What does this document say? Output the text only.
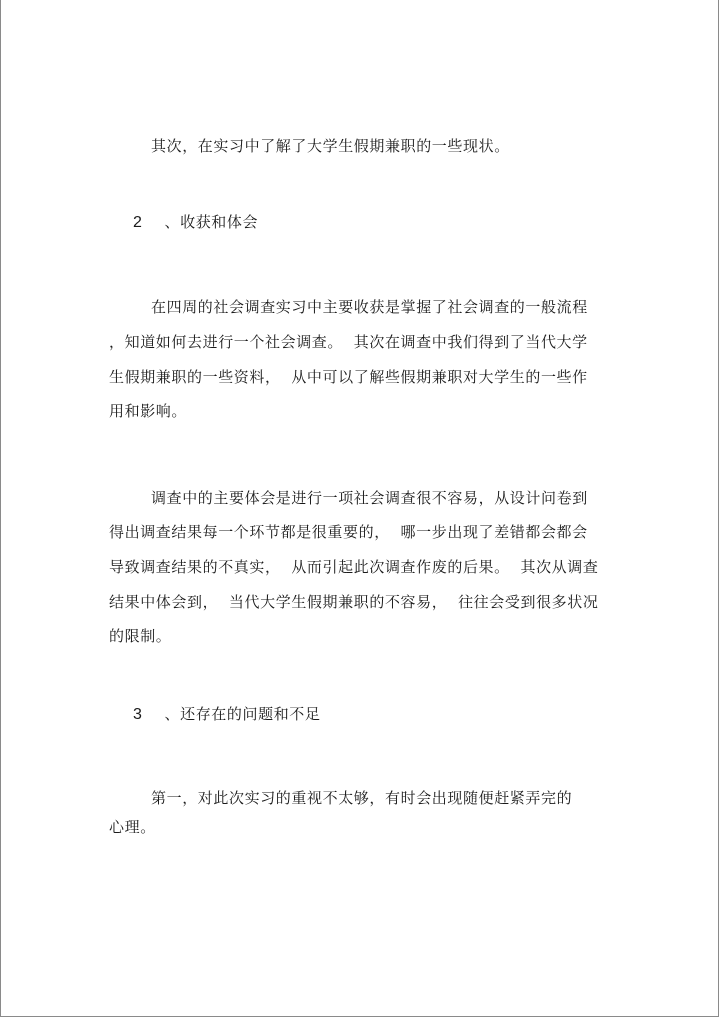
其次，在实习中了解了大学生假期兼职的一些现状。
2 、收获和体会
在四周的社会调查实习中主要收获是掌握了社会调查的一般流程
，知道如何去进行一个社会调查。  其次在调查中我们得到了当代大学
生假期兼职的一些资料，  从中可以了解些假期兼职对大学生的一些作
用和影响。
调查中的主要体会是进行一项社会调查很不容易，从设计问卷到
得出调查结果每一个环节都是很重要的，  哪一步出现了差错都会都会
导致调查结果的不真实，  从而引起此次调查作废的后果。  其次从调查
结果中体会到，  当代大学生假期兼职的不容易，  往往会受到很多状况
的限制。
3 、还存在的问题和不足
第一，对此次实习的重视不太够，有时会出现随便赶紧弄完的
心理。
